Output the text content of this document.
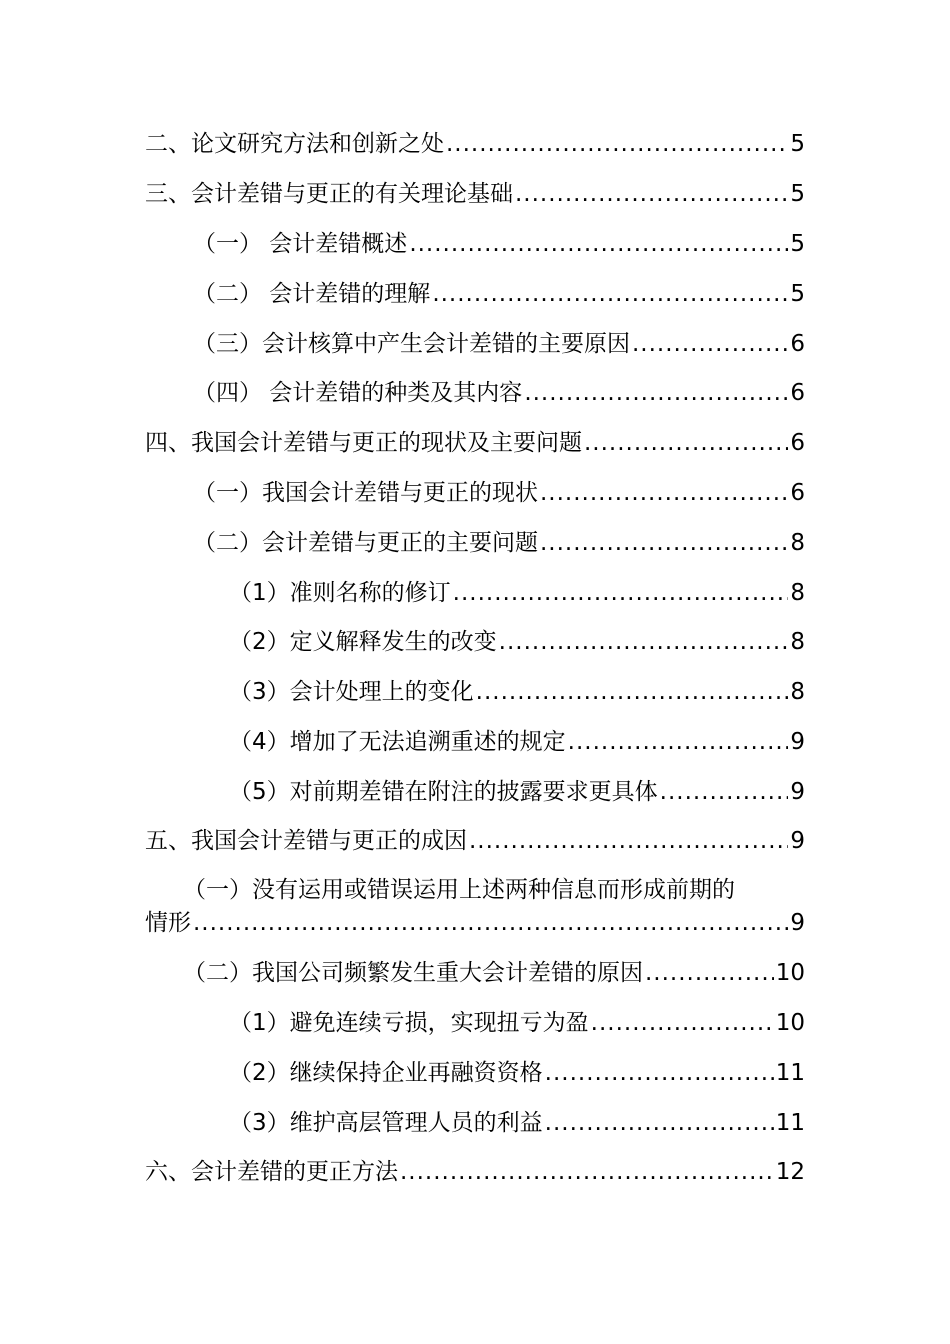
二、论文研究方法和创新之处 .....	5
三、会计差错与更正的有关理论基础 .....	5
（一） 会计差错概述 .....	5
（二） 会计差错的理解 .....	5
（三）会计核算中产生会计差错的主要原因 .....	6
（四） 会计差错的种类及其内容 .....	6
四、我国会计差错与更正的现状及主要问题 .....	6
（一）我国会计差错与更正的现状 .....	6
（二）会计差错与更正的主要问题 .....	8
（1）准则名称的修订 .....	8
（2）定义解释发生的改变 .....	8
（3）会计处理上的变化 .....	8
（4）增加了无法追溯重述的规定 .....	9
（5）对前期差错在附注的披露要求更具体 .....	9
五、我国会计差错与更正的成因 .....	9
（一）没有运用或错误运用上述两种信息而形成前期的
情形 .....	9
（二）我国公司频繁发生重大会计差错的原因 .....	10
（1）避免连续亏损，实现扭亏为盈 .....	10
（2）继续保持企业再融资资格 .....	11
（3）维护高层管理人员的利益 .....	11
六、会计差错的更正方法 .....	12
